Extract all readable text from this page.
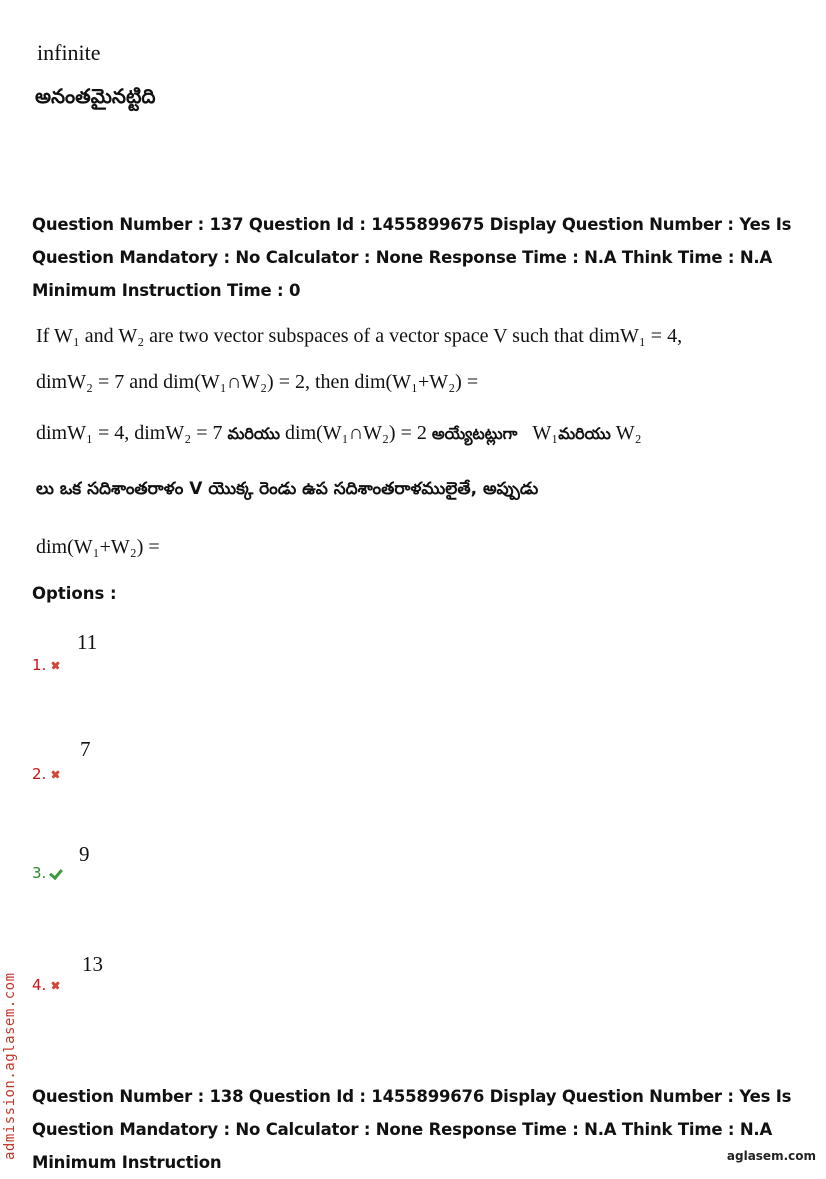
infinite
అనంతమైనట్టిది
Question Number : 137 Question Id : 1455899675 Display Question Number : Yes Is Question Mandatory : No Calculator : None Response Time : N.A Think Time : N.A Minimum Instruction Time : 0
If W₁ and W₂ are two vector subspaces of a vector space V such that dimW₁ = 4,
dimW₂ = 7 and dim(W₁∩W₂) = 2, then dim(W₁+W₂) =
dimW₁ = 4, dimW₂ = 7 మరియు dim(W₁∩W₂) = 2 అయ్యేటట్లుగా W₁మరియు W₂
లు ఒక సదిశాంతరాళం V యొక్క రెండు ఉప సదిశాంతరాళములైతే, అప్పుడు
dim(W₁+W₂) =
Options :
11
1.
7
2.
9
3.
13
4.
Question Number : 138 Question Id : 1455899676 Display Question Number : Yes Is Question Mandatory : No Calculator : None Response Time : N.A Think Time : N.A Minimum Instruction
admission.aglasem.com	aglasem.com
